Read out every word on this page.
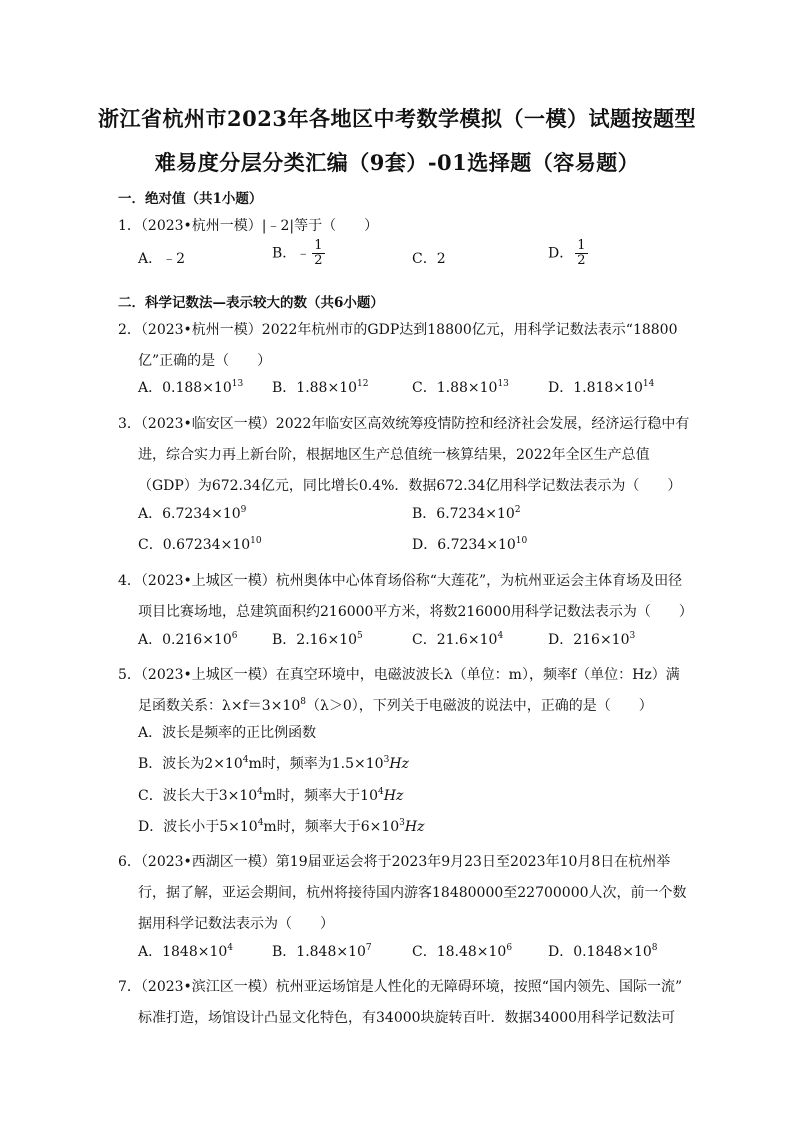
浙江省杭州市2023年各地区中考数学模拟（一模）试题按题型
难易度分层分类汇编（9套）-01选择题（容易题）
一．绝对值（共1小题）
1．（2023•杭州一模）|﹣2|等于（　　）
A．﹣2	B．﹣ $\frac{1}{2}$	C．2	D． $\frac{1}{2}$
二．科学记数法—表示较大的数（共6小题）
2．（2023•杭州一模）2022年杭州市的GDP达到18800亿元，用科学记数法表示“18800
亿”正确的是（　　）
A．$0.188\times 10^{13}$ B．$1.88\times 10^{12}$	C．$1.88\times 10^{13}$	D．$1.818\times 10^{14}$
3．（2023•临安区一模）2022年临安区高效统筹疫情防控和经济社会发展，经济运行稳中有
进，综合实力再上新台阶，根据地区生产总值统一核算结果，2022年全区生产总值
（GDP）为672.34亿元，同比增长0.4%．数据672.34亿用科学记数法表示为（　　）
A．$6.7234\times 10^9$	B．$6.7234\times 10^2$
C．$0.67234\times 10^{10}$	D．$6.7234\times 10^{10}$
4．（2023•上城区一模）杭州奥体中心体育场俗称“大莲花”，为杭州亚运会主体育场及田径
项目比赛场地，总建筑面积约216000平方米，将数216000用科学记数法表示为（　　）
A．$0.216\times 10^6$ B．$2.16\times 10^5$	C．$21.6\times 10^4$	D．$216\times 10^3$
5．（2023•上城区一模）在真空环境中，电磁波波长λ（单位：m），频率f（单位：Hz）满
足函数关系：$\lambda\times f=3\times 10^8(\lambda>0)$，下列关于电磁波的说法中，正确的是（　　）
A．波长是频率的正比例函数
B．波长为$2\times 10^4m$时，频率为$1.5\times 10^3Hz$
C．波长大于$3\times 10^4m$时，频率大于$10^4Hz$
D．波长小于$5\times 10^4m$时，频率大于$6\times 10^3Hz$
6．（2023•西湖区一模）第19届亚运会将于2023年9月23日至2023年10月8日在杭州举
行，据了解，亚运会期间，杭州将接待国内游客18480000至22700000人次，前一个数
据用科学记数法表示为（　　）
A．$1848\times 10^4$	B．$1.848\times 10^7$	C．$18.48\times 10^6$	D．$0.1848\times 10^8$
7．（2023•滨江区一模）杭州亚运场馆是人性化的无障碍环境，按照“国内领先、国际一流”
标准打造，场馆设计凸显文化特色，有34000块旋转百叶．数据34000用科学记数法可
